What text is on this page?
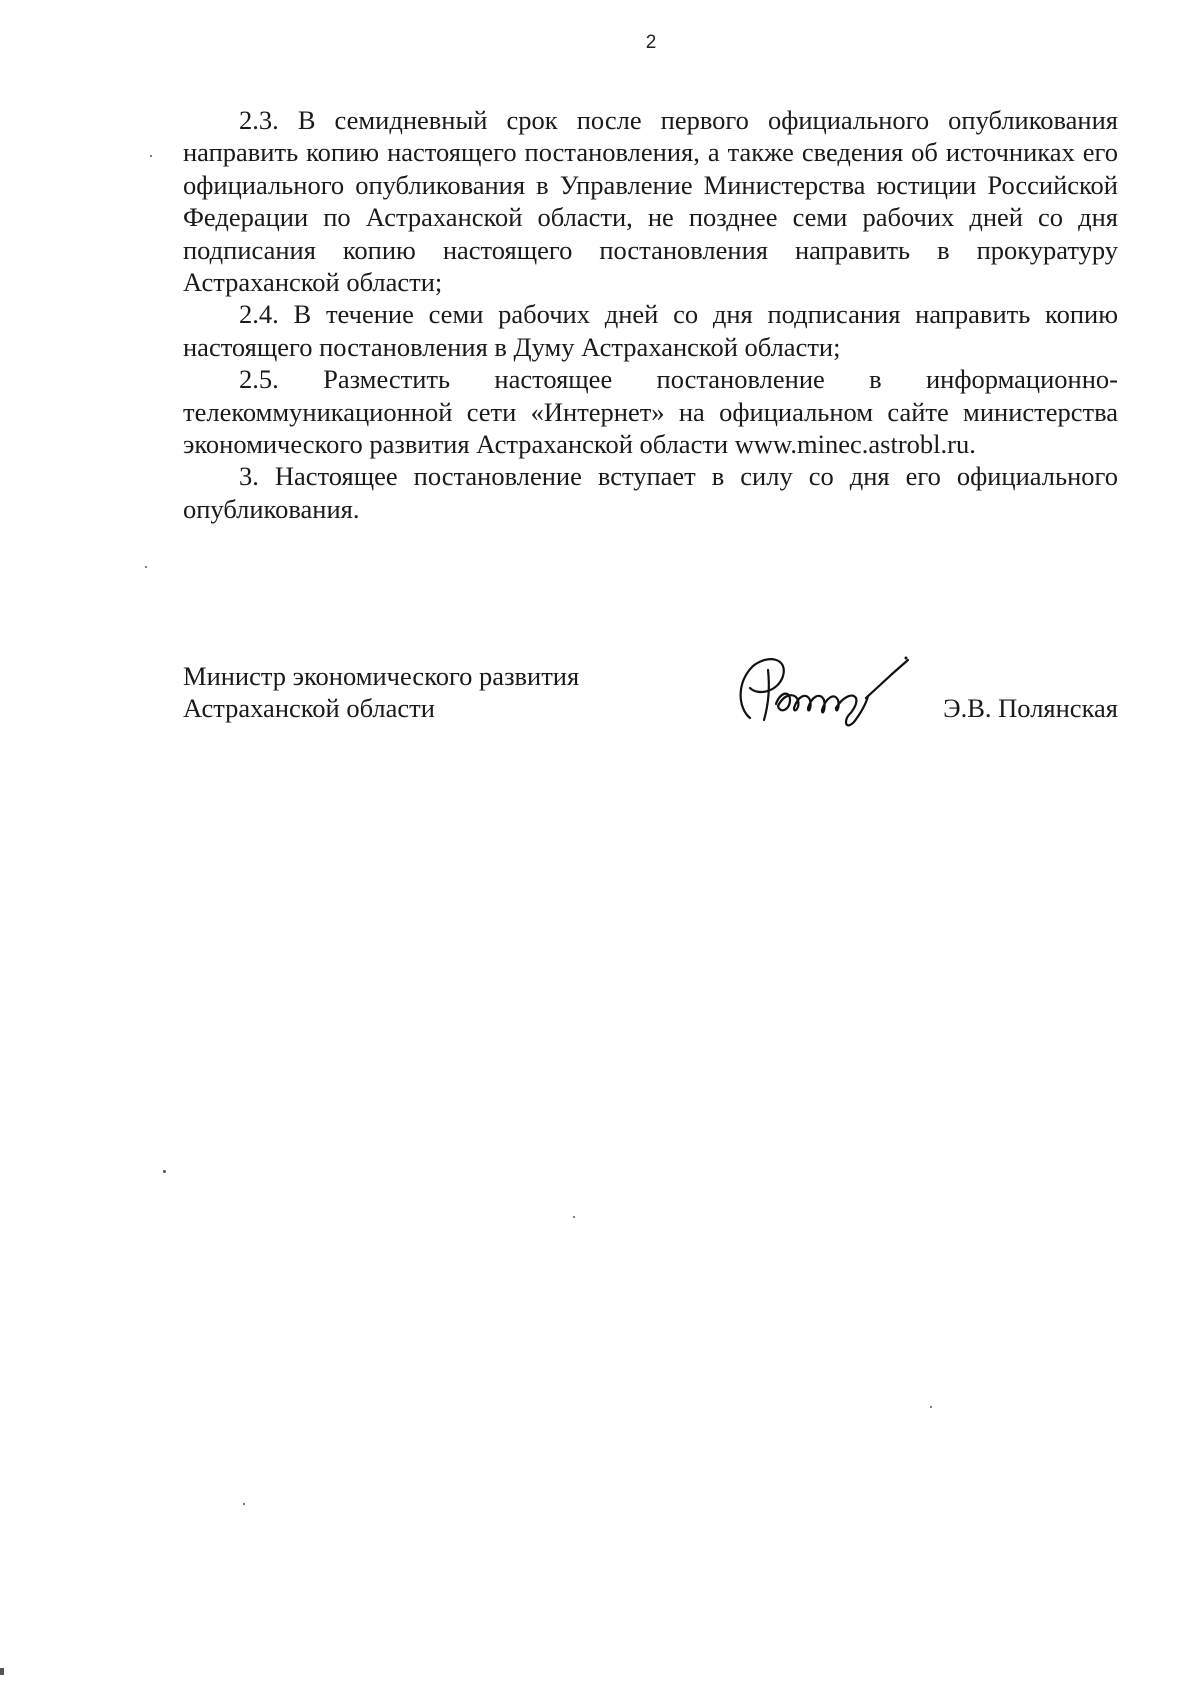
2

2.3. В семидневный срок после первого официального опубликования направить копию настоящего постановления, а также сведения об источниках его официального опубликования в Управление Министерства юстиции Российской Федерации по Астраханской области, не позднее семи рабочих дней со дня подписания копию настоящего постановления направить в прокуратуру Астраханской области;

2.4. В течение семи рабочих дней со дня подписания направить копию настоящего постановления в Думу Астраханской области;

2.5. Разместить настоящее постановление в информационно-телекоммуникационной сети «Интернет» на официальном сайте министерства экономического развития Астраханской области www.minec.astrobl.ru.

3. Настоящее постановление вступает в силу со дня его официального опубликования.

Министр экономического развития
Астраханской области	Э.В. Полянская
